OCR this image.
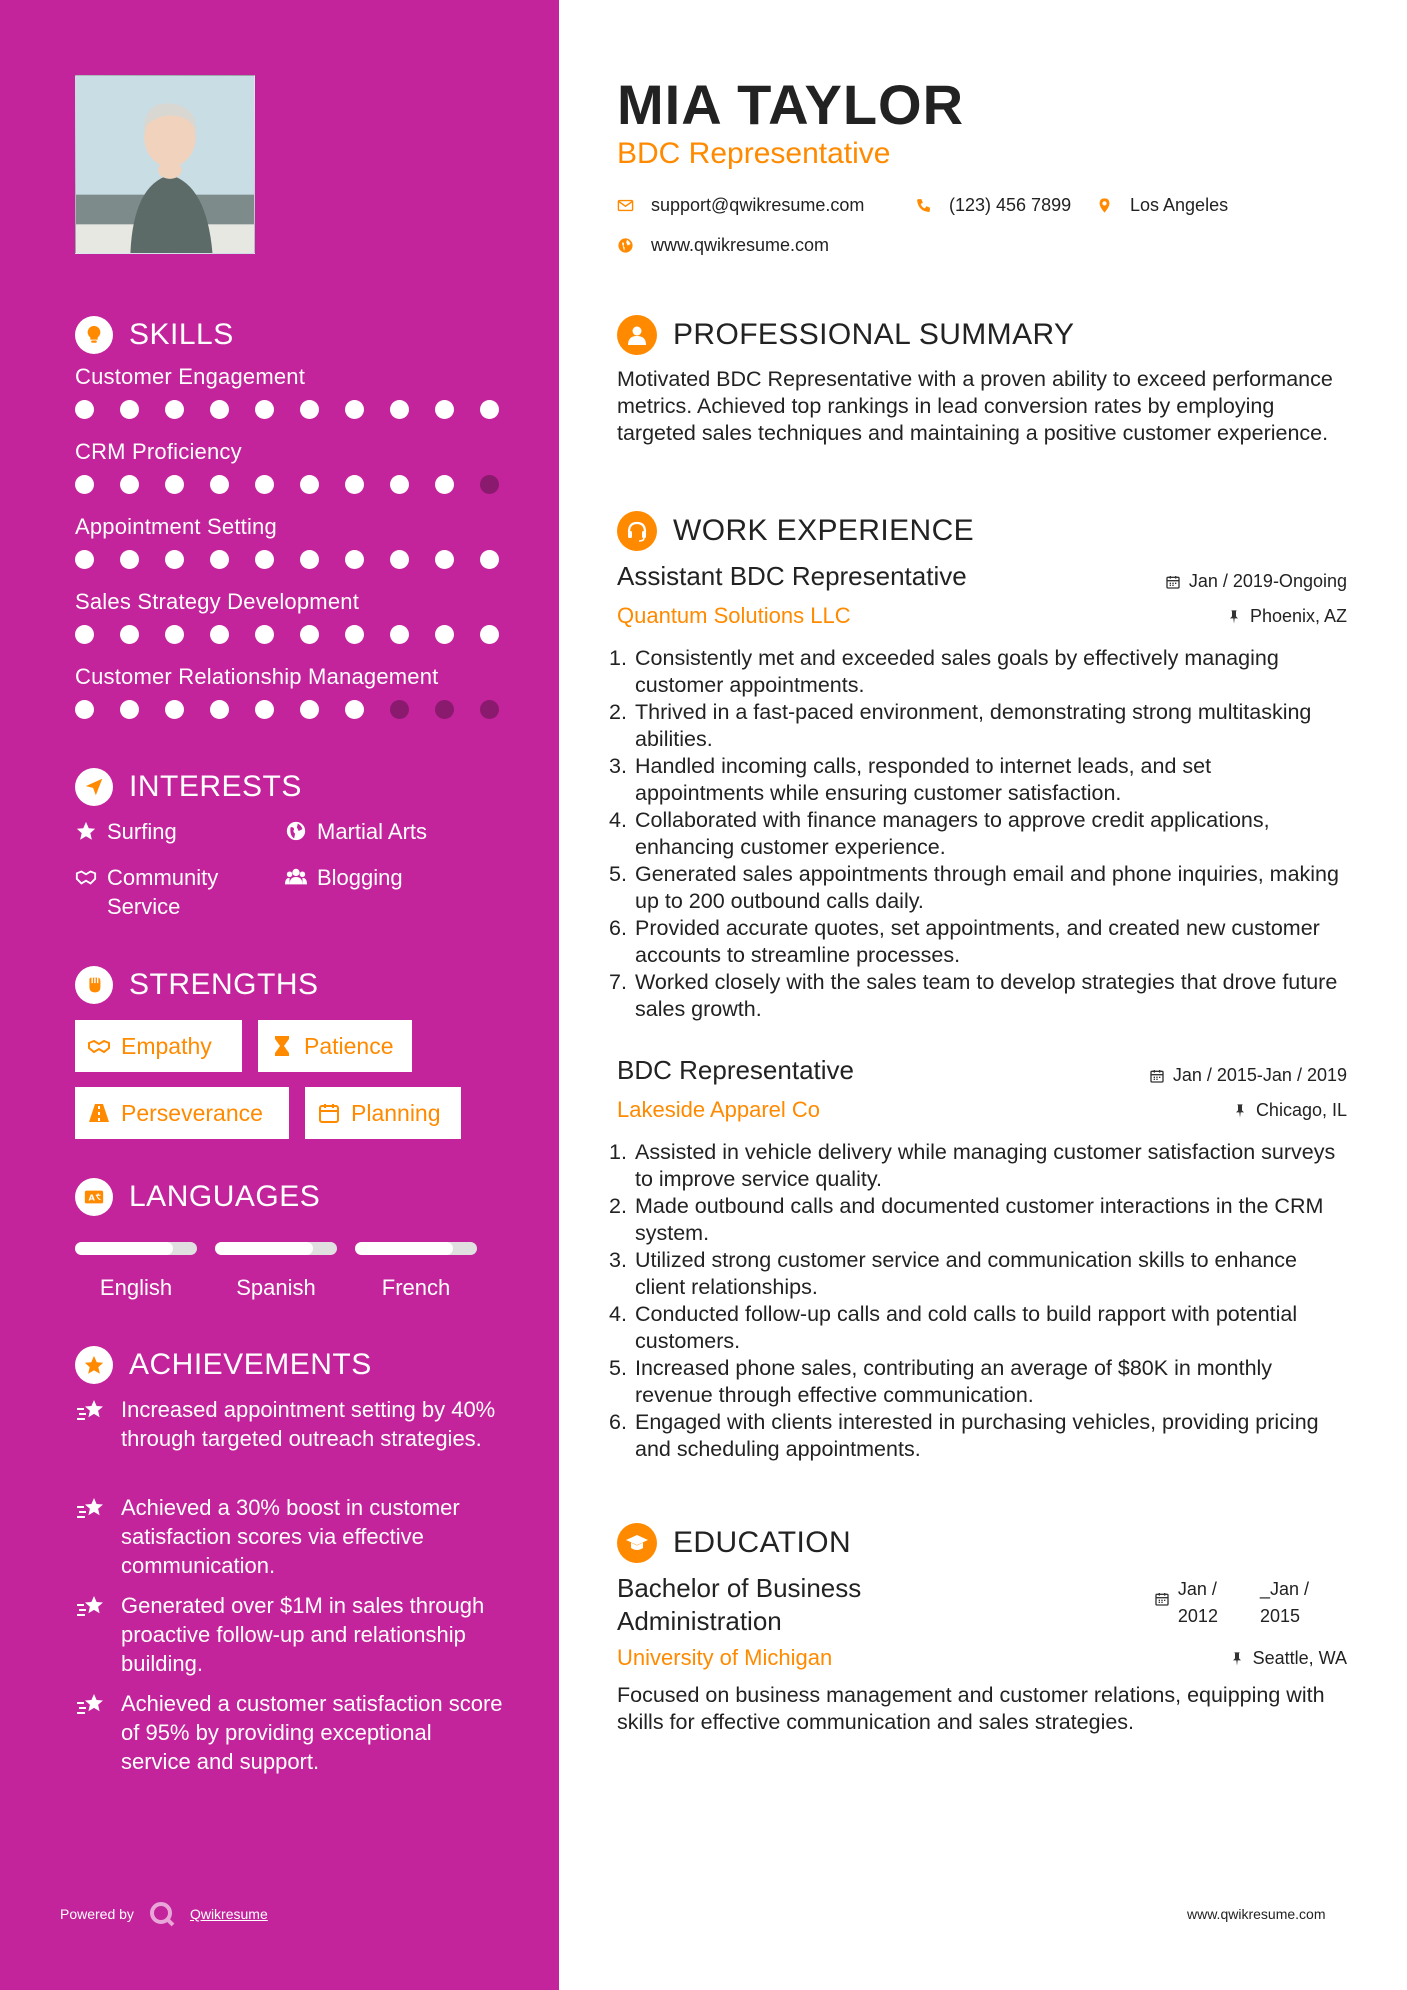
SKILLS
Customer Engagement
CRM Proficiency
Appointment Setting
Sales Strategy Development
Customer Relationship Management
INTERESTS
Surfing	Martial Arts
Community Service
Blogging
STRENGTHS
Empathy	Patience
Perseverance	Planning
A LANGUAGES
English	Spanish	French
ACHIEVEMENTS
Increased appointment setting by 40% through targeted outreach strategies.
Achieved a 30% boost in customer satisfaction scores via effective communication.
Generated over $1M in sales through proactive follow-up and relationship building.
Achieved a customer satisfaction score of 95% by providing exceptional service and support.
Powered by	Qwikresume
MIA TAYLOR
BDC Representative
support@qwikresume.com	(123) 456 7899	Los Angeles
www.qwikresume.com
PROFESSIONAL SUMMARY
Motivated BDC Representative with a proven ability to exceed performance metrics. Achieved top rankings in lead conversion rates by employing targeted sales techniques and maintaining a positive customer experience.
WORK EXPERIENCE
Assistant BDC Representative	Jan / 2019-Ongoing
Quantum Solutions LLC	Phoenix, AZ
Consistently met and exceeded sales goals by effectively managing customer appointments.
Thrived in a fast-paced environment, demonstrating strong multitasking abilities.
Handled incoming calls, responded to internet leads, and set appointments while ensuring customer satisfaction.
Collaborated with finance managers to approve credit applications, enhancing customer experience.
Generated sales appointments through email and phone inquiries, making up to 200 outbound calls daily.
Provided accurate quotes, set appointments, and created new customer accounts to streamline processes.
Worked closely with the sales team to develop strategies that drove future sales growth.
BDC Representative	Jan / 2015-Jan / 2019
Lakeside Apparel Co	Chicago, IL
Assisted in vehicle delivery while managing customer satisfaction surveys to improve service quality.
Made outbound calls and documented customer interactions in the CRM system.
Utilized strong customer service and communication skills to enhance client relationships.
Conducted follow-up calls and cold calls to build rapport with potential customers.
Increased phone sales, contributing an average of $80K in monthly revenue through effective communication.
Engaged with clients interested in purchasing vehicles, providing pricing and scheduling appointments.
EDUCATION
Bachelor of Business Administration
Jan /
2012
_Jan /
2015
University of Michigan	Seattle, WA
Focused on business management and customer relations, equipping with skills for effective communication and sales strategies.
www.qwikresume.com
